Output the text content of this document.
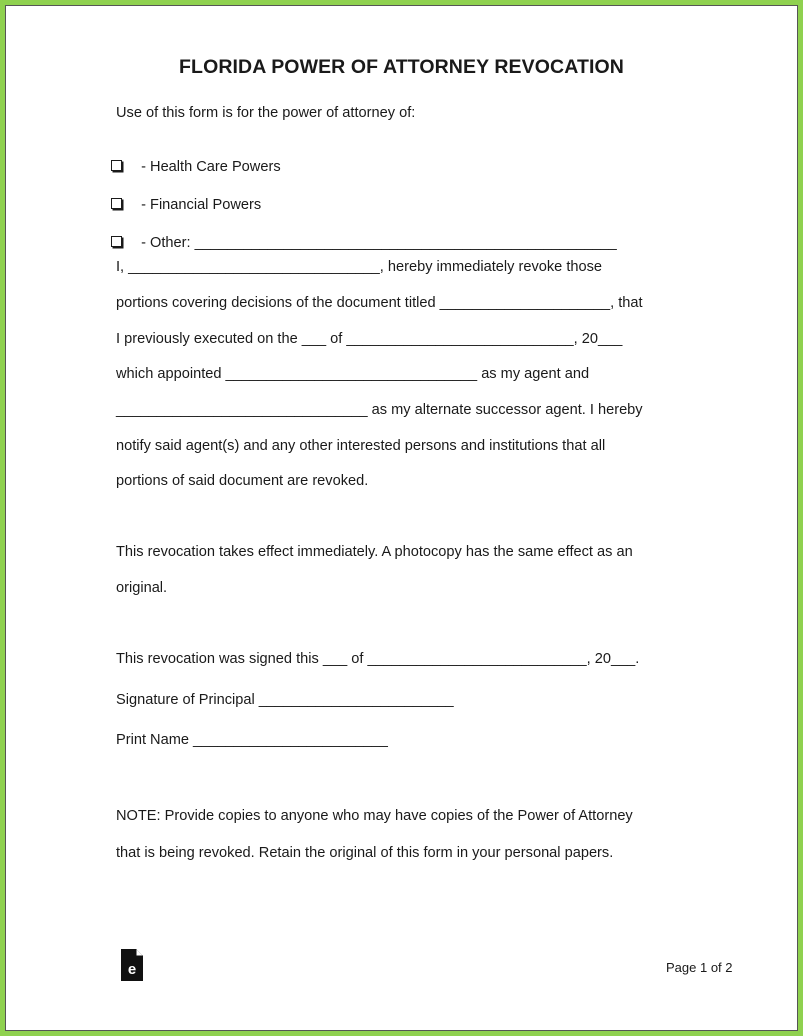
FLORIDA POWER OF ATTORNEY REVOCATION
Use of this form is for the power of attorney of:

- Health Care Powers

- Financial Powers

- Other: ____________________________________________________

I, _______________________________, hereby immediately revoke those
portions covering decisions of the document titled _____________________, that
I previously executed on the ___ of ____________________________, 20___
which appointed _______________________________ as my agent and
_______________________________ as my alternate successor agent. I hereby
notify said agent(s) and any other interested persons and institutions that all
portions of said document are revoked.
This revocation takes effect immediately. A photocopy has the same effect as an
original.
This revocation was signed this ___ of ___________________________, 20___.
Signature of Principal ________________________
Print Name ________________________
NOTE: Provide copies to anyone who may have copies of the Power of Attorney
that is being revoked. Retain the original of this form in your personal papers.
e	Page 1 of 2
